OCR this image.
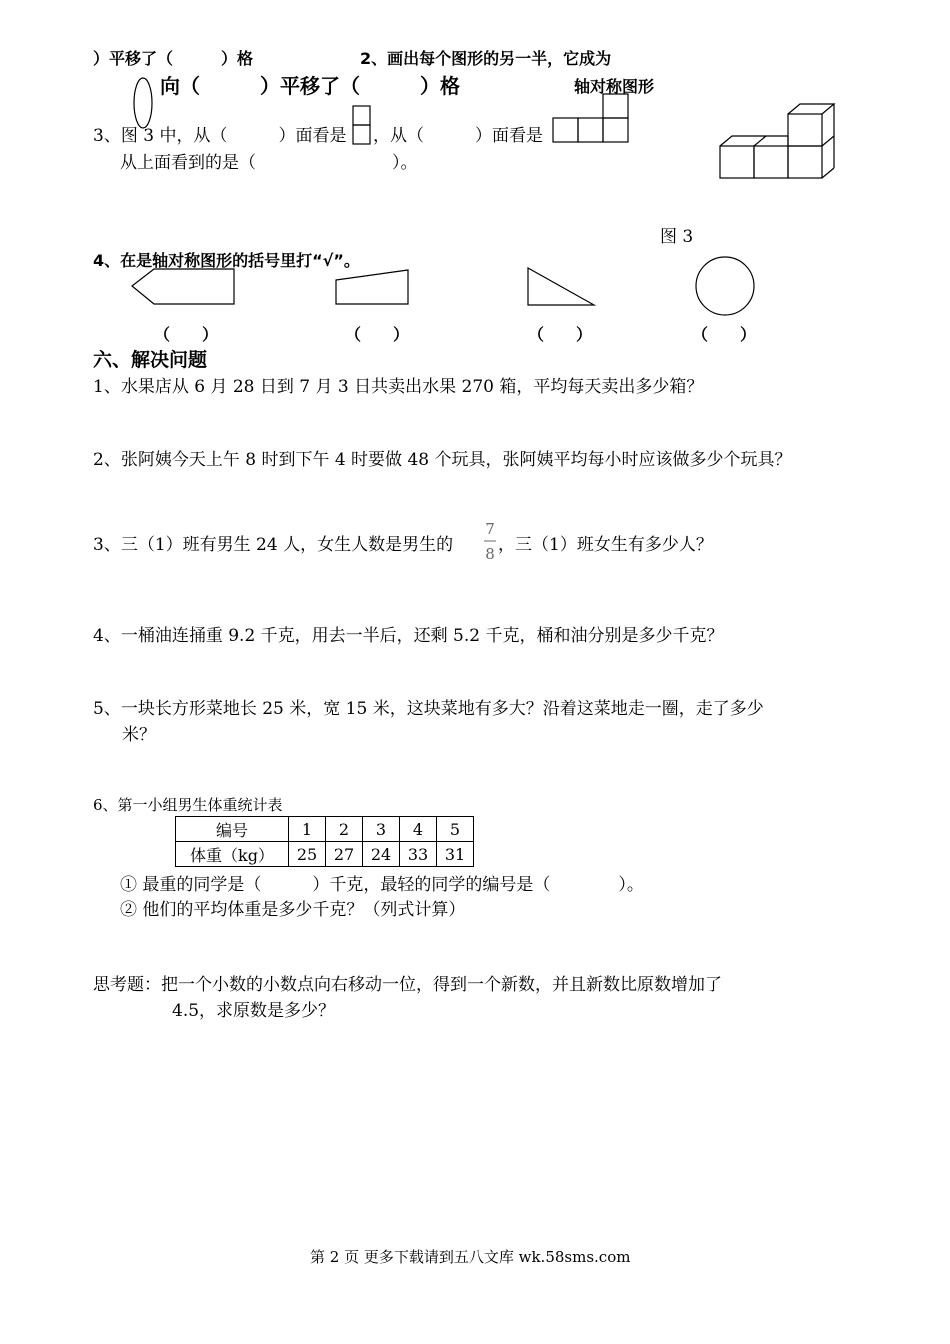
）平移了（　　　）格	2、画出每个图形的另一半，它成为
向（　　　）平移了（　　　）格	轴对称图形
3、图 3 中，从（　　　）面看是 ，从（　　　）面看是
从上面看到的是（　　　　　　　　）。
图 3
4、在是轴对称图形的括号里打“√”。
（　　）	（　　）	（　　）	（　　）
六、解决问题
1、水果店从 6 月 28 日到 7 月 3 日共卖出水果 270 箱，平均每天卖出多少箱？
2、张阿姨今天上午 8 时到下午 4 时要做 48 个玩具，张阿姨平均每小时应该做多少个玩具？
3、三（1）班有男生 24 人，女生人数是男生的
7
8 ，三（1）班女生有多少人？
4、一桶油连捅重 9.2 千克，用去一半后，还剩 5.2 千克，桶和油分别是多少千克？
5、一块长方形菜地长 25 米，宽 15 米，这块菜地有多大？沿着这菜地走一圈，走了多少
米？
6、第一小组男生体重统计表
编号	1	2	3	4	5
体重（kg）	25	27	24	33	31
① 最重的同学是（　　　）千克，最轻的同学的编号是（　　　　）。
② 他们的平均体重是多少千克？（列式计算）
思考题：把一个小数的小数点向右移动一位，得到一个新数，并且新数比原数增加了
4.5，求原数是多少？
第 2 页 更多下载请到五八文库 wk.58sms.com
